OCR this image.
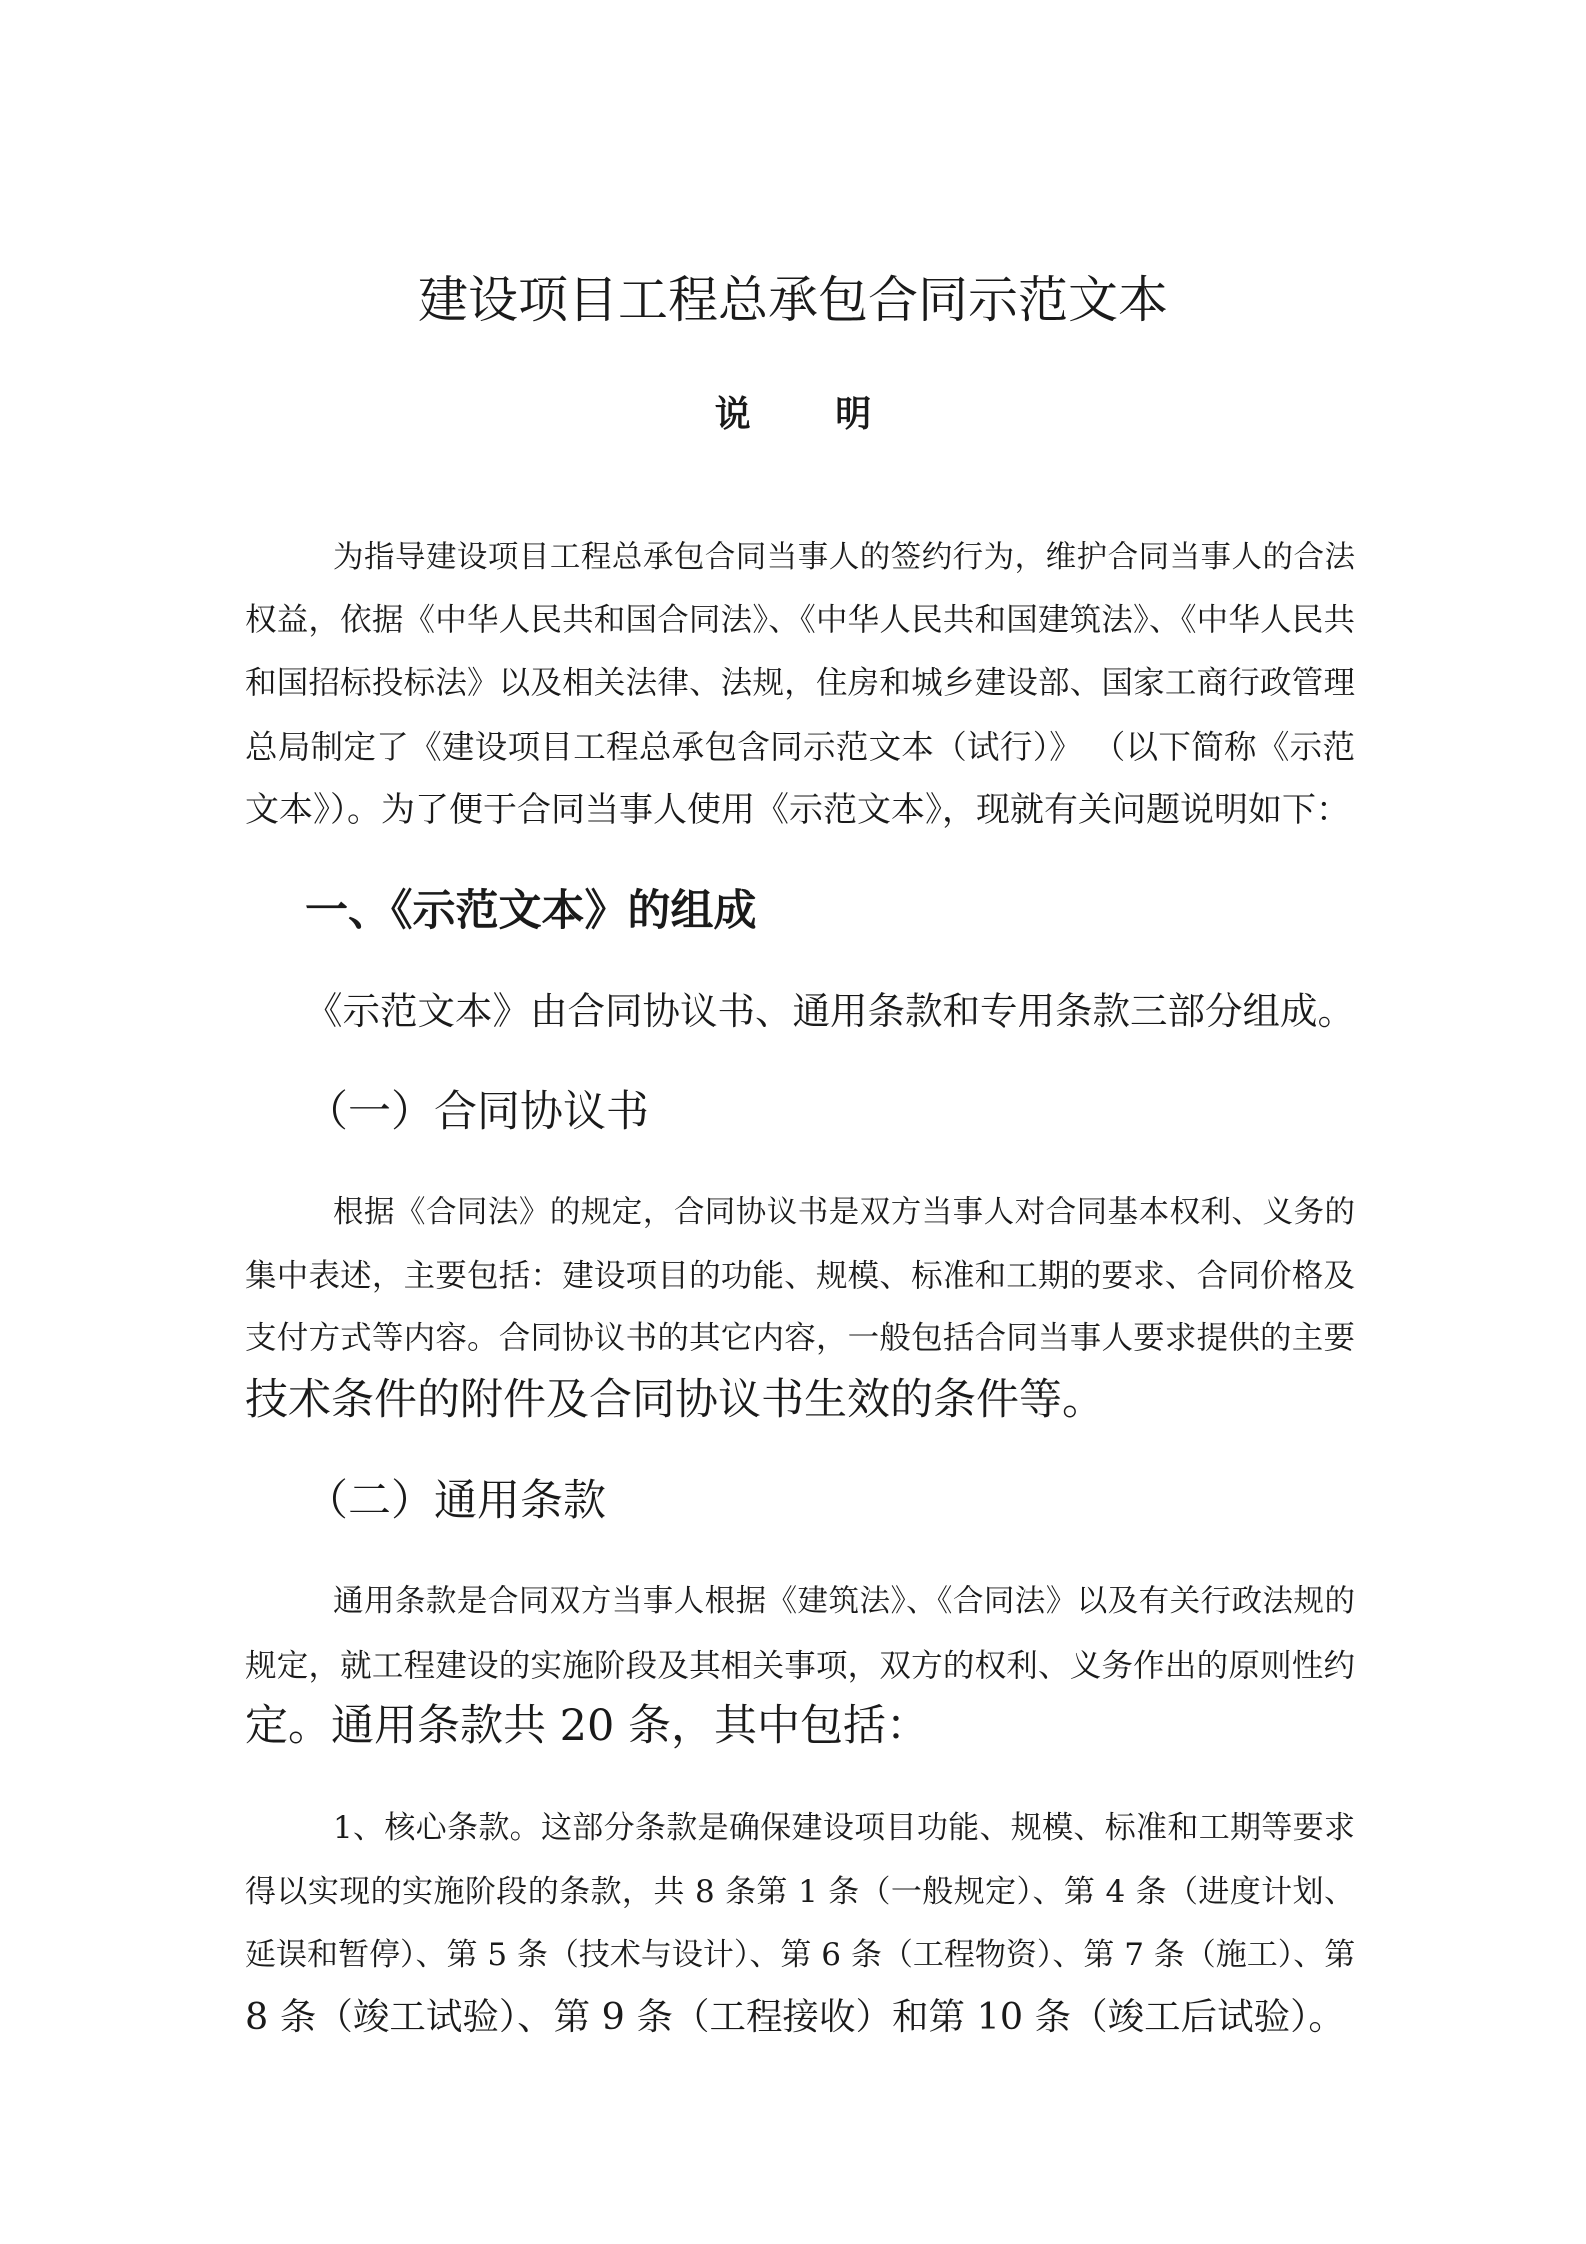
建设项目工程总承包合同示范文本
说 明
为指导建设项目工程总承包合同当事人的签约行为，维护合同当事人的合法
权益，依据《中华人民共和国合同法》、《中华人民共和国建筑法》、《中华人民共
和国招标投标法》以及相关法律、法规，住房和城乡建设部、国家工商行政管理
总局制定了《建设项目工程总承包含同示范文本（试行）》 （以下简称《示范
文本》）。为了便于合同当事人使用《示范文本》，现就有关问题说明如下：
一、《示范文本》的组成
《示范文本》由合同协议书、通用条款和专用条款三部分组成。
（一）合同协议书
根据《合同法》的规定，合同协议书是双方当事人对合同基本权利、义务的
集中表述，主要包括：建设项目的功能、规模、标准和工期的要求、合同价格及
支付方式等内容。合同协议书的其它内容，一般包括合同当事人要求提供的主要
技术条件的附件及合同协议书生效的条件等。
（二）通用条款
通用条款是合同双方当事人根据《建筑法》、《合同法》以及有关行政法规的
规定，就工程建设的实施阶段及其相关事项，双方的权利、义务作出的原则性约
定。通用条款共 20 条，其中包括：
1、核心条款。这部分条款是确保建设项目功能、规模、标准和工期等要求
得以实现的实施阶段的条款，共 8 条第 1 条（一般规定）、第 4 条（进度计划、
延误和暂停）、第 5 条（技术与设计）、第 6 条（工程物资）、第 7 条（施工）、第
8 条（竣工试验）、第 9 条（工程接收）和第 10 条（竣工后试验）。
